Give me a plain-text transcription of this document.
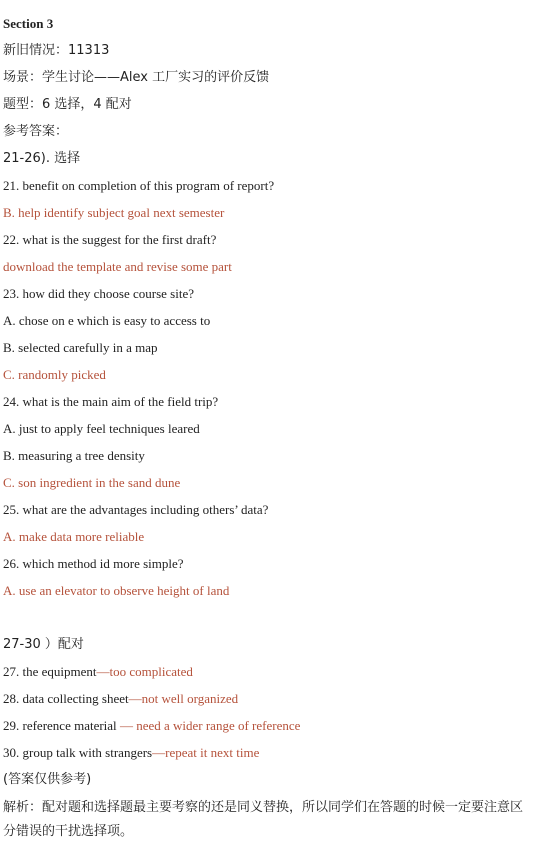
Section 3
新旧情况：11313
场景：学生讨论——Alex 工厂实习的评价反馈
题型：6 选择，4 配对
参考答案：
21-26). 选择
21. benefit on completion of this program of report?
B. help identify subject goal next semester
22. what is the suggest for the first draft?
download the template and revise some part
23. how did they choose course site?
A. chose on e which is easy to access to
B. selected carefully in a map
C. randomly picked
24. what is the main aim of the field trip?
A. just to apply feel techniques leared
B. measuring a tree density
C. son ingredient in the sand dune
25. what are the advantages including others’ data?
A. make data more reliable
26. which method id more simple?
A. use an elevator to observe height of land
27-30 ）配对
27. the equipment—too complicated
28. data collecting sheet—not well organized
29. reference material — need a wider range of reference
30. group talk with strangers—repeat it next time
(答案仅供参考)
解析：配对题和选择题最主要考察的还是同义替换，所以同学们在答题的时候一定要注意区分错误的干扰选择项。
